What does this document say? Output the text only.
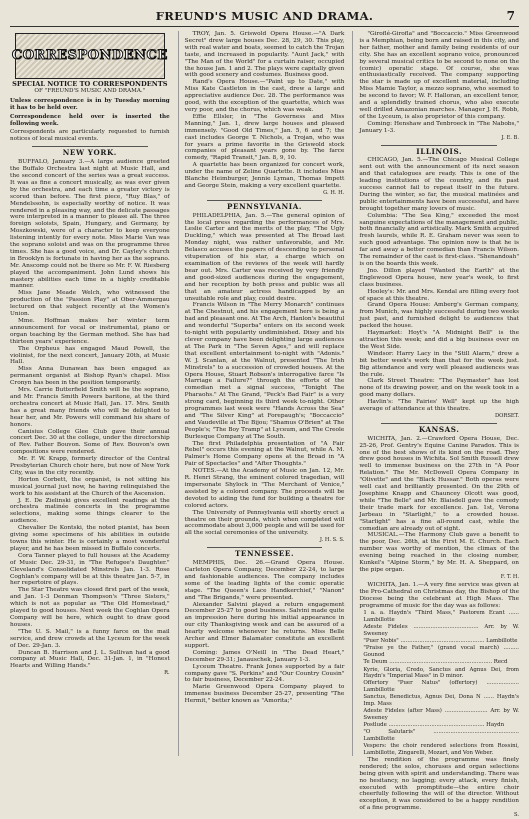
FREUND'S MUSIC AND DRAMA.	7
CORRESPONDENCE
SPECIAL NOTICE TO CORRESPONDENTS
OF "FREUND'S MUSIC AND DRAMA."

Unless correspondence is in by Tuesday morning it has to be held over.

Correspondence held over is inserted the following week.

Correspondents are particularly requested to furnish notices of local musical events.

NEW YORK.

BUFFALO, January 3.—A large audience greeted the Buffalo Orchestra last night at Music Hall, and the second concert of the series was a great success. It was as fine a concert musically, as was ever given by the orchestra, and each time a greater victory is scored than before. The first piece, "Ruy Blas," of Mendelssohn, is especially worthy of notice. It was rendered in a pleasing way, and the delicate passages were interpreted in a manner to please all. The three foreign soloists, Spain, Hungary, and Germany, by Moszkowski, were of a character to keep everyone listening intently for every note. Miss Marie Van was the soprano soloist and was on the programme three times. She has a good voice, and Dr. Cayley's church in Brooklyn is fortunate in having her as the soprano. Mr. Anscomp could not be there so Mr. F. W. Riesberg played the accompaniment. John Lund shows his mastery abilities each time in a highly creditable manner.

Miss Jane Meade Welch, who witnessed the production of the "Passion Play" at Ober-Ammergau lectured on that subject recently at the Women's Union.

Mme. Hoffman makes her winter term announcement for vocal or instrumental, piano or organ teaching by the German method. She has had thirteen years' experience.

The Orpheus has engaged Maud Powell, the violinist, for the next concert, January 20th, at Music Hall.

Miss Anna Dunawan has been engaged as permanent organist at Bishop Ryan's chapel. Miss Cronyn has been in the position temporarily.

Mrs. Carrie Butterfield Smith will be the soprano, and Mr. Francis Smith Powers baritone, at the third orchestra concert at Music Hall, Jan. 17. Mrs. Smith has a great many friends who will be delighted to hear her, and Mr. Powers will command his share of honors.

Canisius College Glee Club gave their annual concert Dec. 30 at the college, under the directorship of Rev. Father Bouvon. Some of Rev. Bouvon's own compositions were rendered.

Mr. F. W. Krapp, formerly director of the Central Presbyterian Church choir here, but now of New York City, was in the city recently.

Horton Corbett, the organist, is not sitting his musical journal just now, he having relinquished the work to his assistant at the Church of the Ascension.

J. E. De Zielinski gives excellent readings at the orchestra matinée concerts in the programme selections, making some things clearer to the audience.

Chevalier De Kontski, the noted pianist, has been giving some specimens of his abilities in outside towns this winter. He is certainly a most wonderful player, and he has been missed in Buffalo concerts.

Cora Tanner played to full houses at the Academy of Music Dec. 29-31, in "The Refugee's Daughter." Cleveland's Consolidated Minstrels Jan. 1-3. Rose Coghlan's company will be at this theatre Jan. 5-7, in her repertoire of plays.

The Star Theatre was closed first part of the week, and Jan. 1-3 Denman Thompson's "Three Sisters," which is not as popular as "The Old Homestead," played to good houses. Next week the Coghlan Opera Company will be here, which ought to draw good houses.

"The U. S. Mail," is a funny farce on the mail service, and drew crowds at the Lyceum for the week of Dec. 29-Jan. 3.

Duncan B. Harrison and J. L. Sullivan had a good company at Music Hall, Dec. 31-Jan. 1, in "Honest Hearts and Willing Hands."

R.

TROY, Jan. 5. Griswold Opera House.—"A Dark Secret" drew large houses Dec. 28, 29, 30. This play, with real water and boats, seemed to catch the Trojan taste, and increased in popularity. "Aunt Jack," with "The Man of the World" for a curtain raiser, occupied the house Jan. 1 and 2. The plays were capitally given with good scenery and costumes. Business good.

Rand's Opera House.—"Paint up to Date," with Miss Kate Castleton in the cast, drew a large and appreciative audience Dec. 28. The performance was good, with the exception of the quartette, which was very poor, and the chorus, which was weak.

Effie Ellsler, in "The Governess and Miss Manning," Jan. 1, drew large houses and pleased immensely. "Good Old Times," Jan. 5, 6 and 7; the cast includes George T. Nichols, a Trojan, who was for years a prime favorite in the Griswold stock companies of pleasant years gone by. The farce comedy, "Rapid Transit," Jan. 8, 9, 10.

A quartette has been organized for concert work, under the name of Zeline Quartette. It includes Miss Blanche Heimburger, Jennie Lyman, Thomas Impett and George Stein, making a very excellent quartette.

G. H. H.

PENNSYLVANIA.

PHILADELPHIA, Jan. 5.—The general opinion of the local press regarding the performances of Mrs. Leslie Carter and the merits of the play, "The Ugly Duckling," which was presented at The Broad last Monday night, was rather unfavorable, and Mr. Belasco accuses the papers of descending to personal vituperation of his star, a charge which on examination of the reviews of the week will hardly bear out. Mrs. Carter was received by very friendly and good-sized audiences during the engagement, and her reception by both press and public was all that an amateur actress handicapped by an unsuitable role and play, could desire.

Francis Wilson in "The Merry Monarch" continues at The Chestnut, and his engagement here is being a bad and pleasant one. At The Arch, Hanlon's beautiful and wonderful "Superba" enters on its second week to-night with popularity undiminished. Dixey and his clever company have been delighting large audiences at The Park in "The Seven Ages," and will replace that excellent entertainment to-night with "Adonis." W. J. Scanlan, at the Walnut, presented "The Irish Minstrels" to a succession of crowded houses. At the Opera House, Stuart Robson's interrogative farce "Is Marriage a Failure?" through the efforts of the comedian met a signal success, "Tonight The Pharaohs." At The Grand, "Peck's Bad Fair" is a very strong card, beginning its third week to-night. Other programmes last week were "Hands Across the Sea" and "The Silver King" at Forepaugh's; "Boccaccio" and Vaudeville at The Bijou; "Shamus O'Brien" at The People's; "The Boy Tramp" at Lyceum, and The Creole Burlesque Company at The South.

The first Philadelphia presentation of "A Fair Rebel" occurs this evening at the Walnut, while A. M. Palmer's Home Company opens at the Broad in "A Pair of Spectacles" and "After Thoughts."

NOTES.—At the Academy of Music on Jan. 12, Mr. R. Henri Strang, the eminent colored tragedian, will impersonate Shylock in "The Merchant of Venice," assisted by a colored company. The proceeds will be devoted to aiding the fund for building a theatre for colored actors.

The University of Pennsylvania will shortly erect a theatre on their grounds, which when completed will accommodate about 3,000 people and will be used for all the social ceremonies of the university.

J. H. S. S.

TENNESSEE.

MEMPHIS, Dec. 26.—Grand Opera House. Carleton Opera Company, December 22-24, to large and fashionable audiences. The company includes some of the leading lights of the comic operatic stage. "The Queen's Lace Handkerchief," "Nanon" and "The Brigands," were presented.

Alexander Salvini played a return engagement December 25-27 to good business. Salvini made quite an impression here during his initial appearance in our city Thanksgiving week and can be assured of a hearty welcome whenever he returns. Miss Belle Archer and Elmer Balamater constitute an excellent support.

Coming: James O'Neill in "The Dead Heart," December 29-31; Janauschek, January 1-3.

Lyceum Theatre. Frank Jones supported by a fair company gave "S. Perkins" and "Our Country Cousin" to fair business, December 22-24.

Marie Greenwood Opera Company played to immense business December 25-27, presenting "The Hermit," better known as "Amorita;"

"Giroflé-Girofla" and "Boccaccio." Miss Greenwood is a Memphian, being born and raised in this city, and her father, mother and family being residents of our city. She has an excellent soprano voice, pronounced by several musical critics to be second to none on the (comic) operatic stage. Of course, she was enthusiastically received. The company supporting the star is made up of excellent material, including Miss Mamie Taylor, a mezzo soprano, who seemed to be second to favor; W. F. Halloran, an excellent tenor, and a splendidly trained chorus, who also execute well drilled Amazonian marches. Manager J. H. Robb, of the Lyceum, is also proprietor of this company.

Coming: Henshaw and Tenbroeck in "The Nabobs," January 1-3.

J. E. B.

ILLINOIS.

CHICAGO, Jan. 5.—The Chicago Musical College sent out with the announcement of its next season and that catalogues are ready. This is one of the leading institutions of the country, and its past success cannot fail to repeat itself in the future. During the winter, so far, the musical matinées and public entertainments have been successful, and have brought together many lovers of music.

Columbia: "The Sea King," exceeded the most sanguine expectations of the management and public, both financially and artistically. Mark Smith acquired fresh laurels, while R. E. Graham never was seen to such good advantage. The opinion now is that he is far and away a better comedian than Francis Wilson. The remainder of the cast is first-class. "Shenandoah" is on the boards this week.

Jno. Dillon played "Wanted the Earth" at the Englewood Opera house, new year's week, to first class business.

Hooley's: Mr. and Mrs. Kendal are filling every foot of space at this theatre.

Grand Opera House: Amberg's German company, from Munich, was highly successful during two weeks just past, and furnished delight to audiences that packed the house.

Haymarket: Hoyt's "A Midnight Bell" is the attraction this week; and did a big business over on the West Side.

Windsor: Harry Lacy in the "Still Alarm," drew a bit better week's work than that for the week just. Big attendance and very well pleased audiences was the rule.

Clark Street Theatre: "The Paymaster" has lost none of its drawing power, and on the week took in a good many dollars.

Havlin's: "The Fairies' Well" kept up the high average of attendance at this theatre.

DORSET.

KANSAS.

WICHITA, Jan. 2.—Crawford Opera House, Dec. 25-26, Prof. Gentry's Equine Canine Paradox. This is one of the best shows of its kind on the road. They drew good houses in Wichita. Sol Smith Russell drew well to immense business on the 27th in "A Poor Relation." The Mr. McDowell Opera Company in "Olivette" and the "Black Hussar." Both operas were well cast and brilliantly presented. On the 29th of Josephine Knapp and Chauncey Olcott was good, while "The Belle" and Mr. Blaisdell gave the comedy their trade mark for excellence. Jan. 1st, Verona Jarbeau in "Starlight," to a crowded house. "Starlight" has a fine all-round cast, while the comedian are already out of sight.

MUSICAL.—The Harmony Club gave a benefit to the poor, Dec. 26th, at the First M. E. Church. Each number was worthy of mention, the climax of the evening being reached in the closing number, Kunkel's "Alpine Storm," by Mr. H. A. Sheppard, on the pipe organ.

F. T. H.

WICHITA, Jan. 1.—A very fine service was given at the Pro-Cathedral on Christmas day, the Bishop of the Diocese being the celebrant at High Mass. The programme of music for the day was as follows:

1 a. a. Haydn's "Third Mass," Pastorem Ecant ...... Lambillotte
Adeste Fideles ...................................... Arr. by W. Sweeney
"Puer Nobis" ................................................. Lambillotte
"Praise ye the Father," (grand vocal march) ......... Gounod
Te Deum ............................................................ Recd
Kyrie, Gloria, Credo, Sanctus and Agnus Dei, from Haydn's "Imperial Mass" in D minor.
Offertory "Puer Natus" (offertory) ................... Lambillotte
Sanctus, Benedictus, Agnus Dei, Dona N ...... Haydn's Imp. Mass
Adeste Fideles (after Mass) ......................... Arr. by W. Sweeney
Postlude ........................................................ Haydn
"O Salutaris" .................................................. Lambillotte
Vespers: the choir rendered selections from Rossini, Lambillotte, Zingarelli, Mozart, and Von Weber.

The rendition of the programme was finely rendered; the solos, choruses and organ selections being given with spirit and understanding. There was no hesitancy, no lagging; every attack, every finish, executed with promptitude—the entire choir cheerfully following the will of the director. Without exception, it was considered to be a happy rendition of a fine programme.

S.
